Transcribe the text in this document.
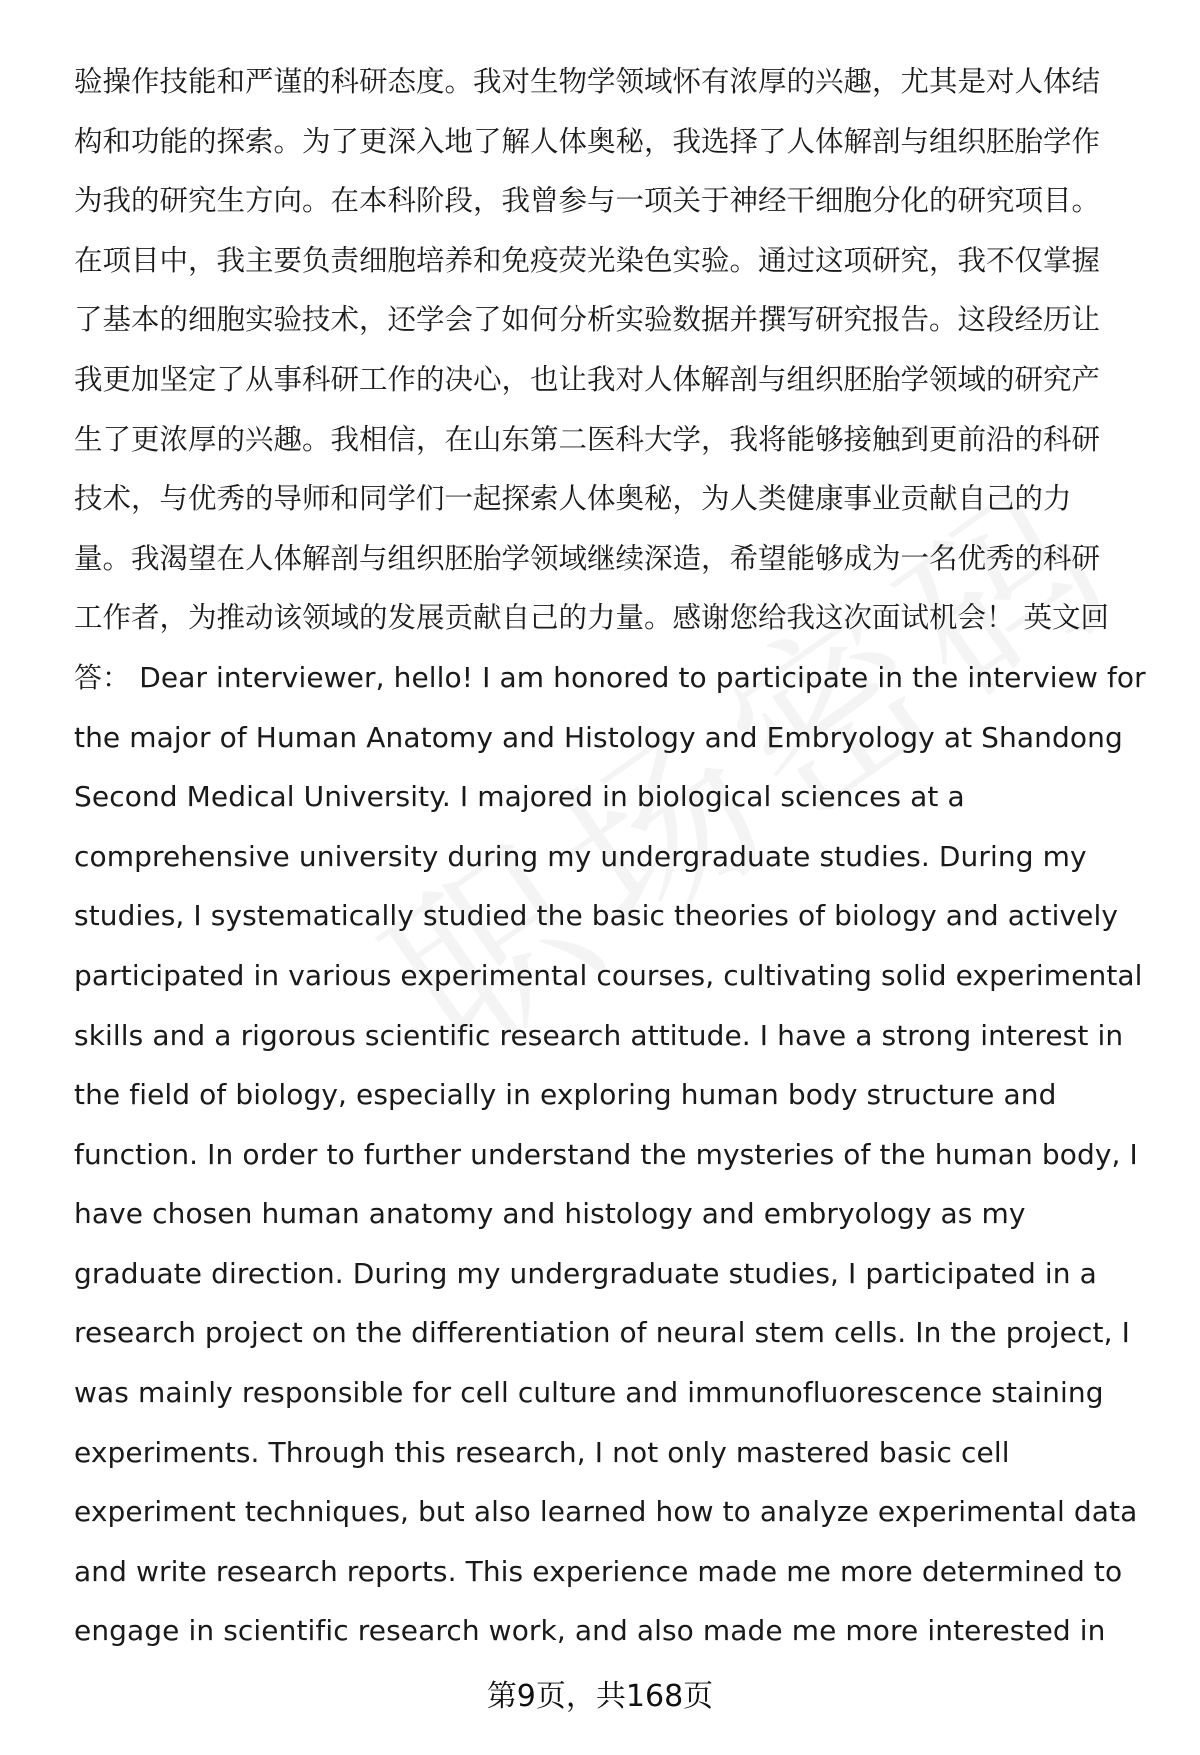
验操作技能和严谨的科研态度。我对生物学领域怀有浓厚的兴趣，尤其是对人体结
构和功能的探索。为了更深入地了解人体奥秘，我选择了人体解剖与组织胚胎学作
为我的研究生方向。在本科阶段，我曾参与一项关于神经干细胞分化的研究项目。
在项目中，我主要负责细胞培养和免疫荧光染色实验。通过这项研究，我不仅掌握
了基本的细胞实验技术，还学会了如何分析实验数据并撰写研究报告。这段经历让
我更加坚定了从事科研工作的决心，也让我对人体解剖与组织胚胎学领域的研究产
生了更浓厚的兴趣。我相信，在山东第二医科大学，我将能够接触到更前沿的科研
技术，与优秀的导师和同学们一起探索人体奥秘，为人类健康事业贡献自己的力
量。我渴望在人体解剖与组织胚胎学领域继续深造，希望能够成为一名优秀的科研
工作者，为推动该领域的发展贡献自己的力量。感谢您给我这次面试机会！ 英文回
答： Dear interviewer, hello! I am honored to participate in the interview for
the major of Human Anatomy and Histology and Embryology at Shandong
Second Medical University. I majored in biological sciences at a
comprehensive university during my undergraduate studies. During my
studies, I systematically studied the basic theories of biology and actively
participated in various experimental courses, cultivating solid experimental
skills and a rigorous scientific research attitude. I have a strong interest in
the field of biology, especially in exploring human body structure and
function. In order to further understand the mysteries of the human body, I
have chosen human anatomy and histology and embryology as my
graduate direction. During my undergraduate studies, I participated in a
research project on the differentiation of neural stem cells. In the project, I
was mainly responsible for cell culture and immunofluorescence staining
experiments. Through this research, I not only mastered basic cell
experiment techniques, but also learned how to analyze experimental data
and write research reports. This experience made me more determined to
engage in scientific research work, and also made me more interested in
第9页，共168页
